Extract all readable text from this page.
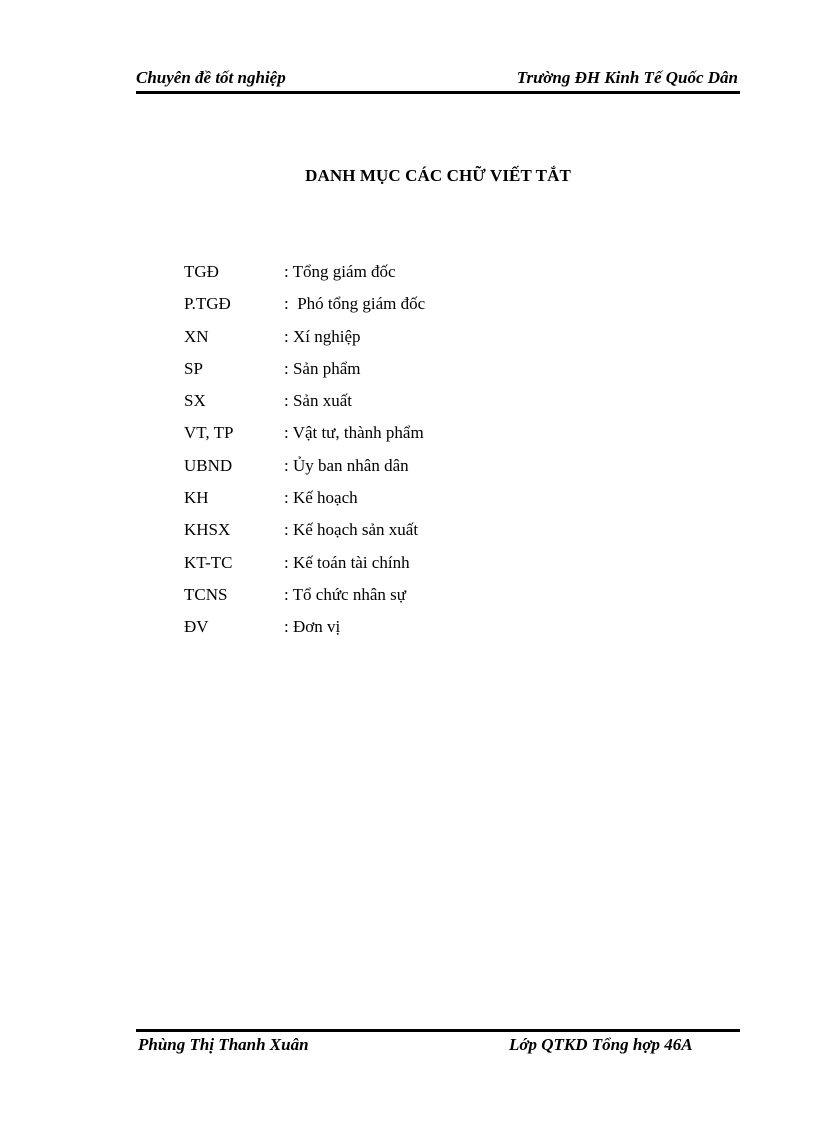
Chuyên đề tốt nghiệp	Trường ĐH Kinh Tế Quốc Dân
DANH MỤC CÁC CHỮ VIẾT TẮT
TGĐ	: Tổng giám đốc
P.TGĐ	:  Phó tổng giám đốc
XN	: Xí nghiệp
SP	: Sản phẩm
SX	: Sản xuất
VT, TP	: Vật tư, thành phẩm
UBND	: Ủy ban nhân dân
KH	: Kế hoạch
KHSX	: Kế hoạch sản xuất
KT-TC	: Kế toán tài chính
TCNS	: Tổ chức nhân sự
ĐV	: Đơn vị
Phùng Thị Thanh Xuân	Lớp QTKD Tổng hợp 46A
